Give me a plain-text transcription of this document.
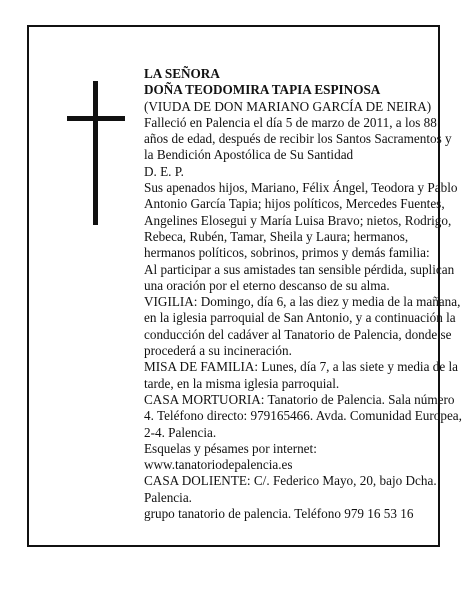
LA SEÑORA

DOÑA TEODOMIRA TAPIA ESPINOSA

(VIUDA DE DON MARIANO GARCÍA DE NEIRA)

Falleció en Palencia el día 5 de marzo de 2011, a los 88 años de edad, después de recibir los Santos Sacramentos y la Bendición Apostólica de Su Santidad

D. E. P.

Sus apenados hijos, Mariano, Félix Ángel, Teodora y Pablo Antonio García Tapia; hijos políticos, Mercedes Fuentes, Angelines Elosegui y María Luisa Bravo; nietos, Rodrigo, Rebeca, Rubén, Tamar, Sheila y Laura; hermanos, hermanos políticos, sobrinos, primos y demás familia:

Al participar a sus amistades tan sensible pérdida, suplican una oración por el eterno descanso de su alma.

VIGILIA: Domingo, día 6, a las diez y media de la mañana, en la iglesia parroquial de San Antonio, y a continuación la conducción del cadáver al Tanatorio de Palencia, donde se procederá a su incineración.

MISA DE FAMILIA: Lunes, día 7, a las siete y media de la tarde, en la misma iglesia parroquial.

CASA MORTUORIA: Tanatorio de Palencia. Sala número 4. Teléfono directo: 979165466. Avda. Comunidad Europea, 2-4. Palencia.

Esquelas y pésames por internet:

www.tanatoriodepalencia.es

CASA DOLIENTE: C/. Federico Mayo, 20, bajo Dcha. Palencia.

grupo tanatorio de palencia. Teléfono 979 16 53 16
